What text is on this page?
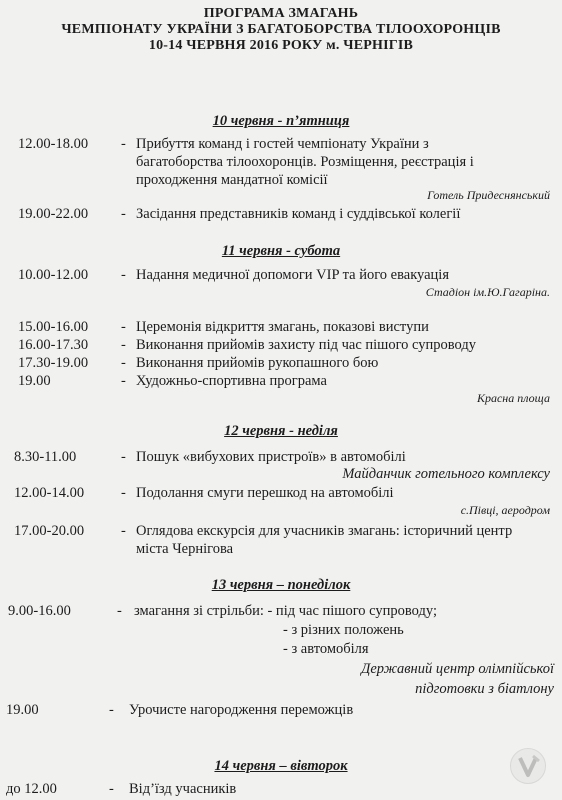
ПРОГРАМА ЗМАГАНЬ
ЧЕМПІОНАТУ УКРАЇНИ З БАГАТОБОРСТВА ТІЛООХОРОНЦІВ
10-14 ЧЕРВНЯ 2016 РОКУ м. ЧЕРНІГІВ
10 червня - п’ятниця
12.00-18.00 - Прибуття команд і гостей чемпіонату України з
багатоборства тілоохоронців. Розміщення, реєстрація і
проходження мандатної комісії
Готель Придеснянський
19.00-22.00 - Засідання представників команд і суддівської колегії
11 червня - субота
10.00-12.00 - Надання медичної допомоги VIP та його евакуація
Стадіон ім.Ю.Гагаріна.
15.00-16.00 - Церемонія відкриття змагань, показові виступи
16.00-17.30 - Виконання прийомів захисту під час пішого супроводу
17.30-19.00 - Виконання прийомів рукопашного бою
19.00	- Художньо-спортивна програма
Красна площа
12 червня - неділя
8.30-11.00	- Пошук «вибухових пристроїв» в автомобілі
Майданчик готельного комплексу
12.00-14.00	- Подолання смуги перешкод на автомобілі
с.Півці, аеродром
17.00-20.00	- Оглядова екскурсія для учасників змагань: історичний центр
міста Чернігова
13 червня – понеділок
9.00-16.00	- змагання зі стрільби: - під час пішого супроводу;
- з різних положень
- з автомобіля
Державний центр олімпійської
підготовки з біатлону
19.00	- Урочисте нагородження переможців
14 червня – вівторок
до 12.00	- Від’їзд учасників
